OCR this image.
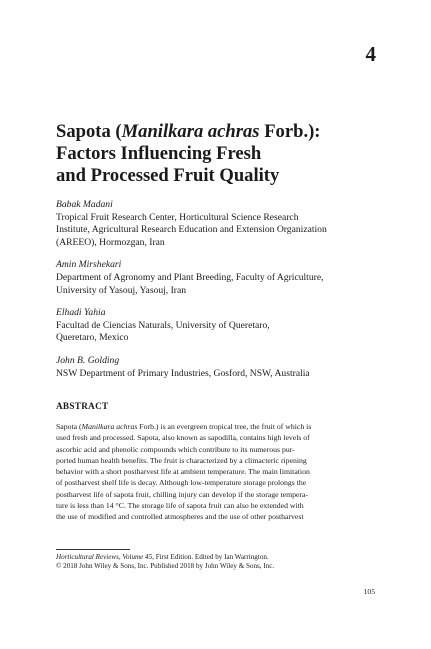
4
Sapota (Manilkara achras Forb.):
Factors Influencing Fresh
and Processed Fruit Quality
Babak Madani
Tropical Fruit Research Center, Horticultural Science Research
Institute, Agricultural Research Education and Extension Organization
(AREEO), Hormozgan, Iran
Amin Mirshekari
Department of Agronomy and Plant Breeding, Faculty of Agriculture,
University of Yasouj, Yasouj, Iran
Elhadi Yahia
Facultad de Ciencias Naturals, University of Queretaro,
Queretaro, Mexico
John B. Golding
NSW Department of Primary Industries, Gosford, NSW, Australia
ABSTRACT
Sapota (Manilkara achras Forb.) is an evergreen tropical tree, the fruit of which is
used fresh and processed. Sapota, also known as sapodilla, contains high levels of
ascorbic acid and phenolic compounds which contribute to its numerous pur-
ported human health benefits. The fruit is characterized by a climacteric ripening
behavior with a short postharvest life at ambient temperature. The main limitation
of postharvest shelf life is decay. Although low-temperature storage prolongs the
postharvest life of sapota fruit, chilling injury can develop if the storage tempera-
ture is less than 14 °C. The storage life of sapota fruit can also be extended with
the use of modified and controlled atmospheres and the use of other postharvest
Horticultural Reviews, Volume 45, First Edition. Edited by Ian Warrington.
© 2018 John Wiley & Sons, Inc. Published 2018 by John Wiley & Sons, Inc.
105
